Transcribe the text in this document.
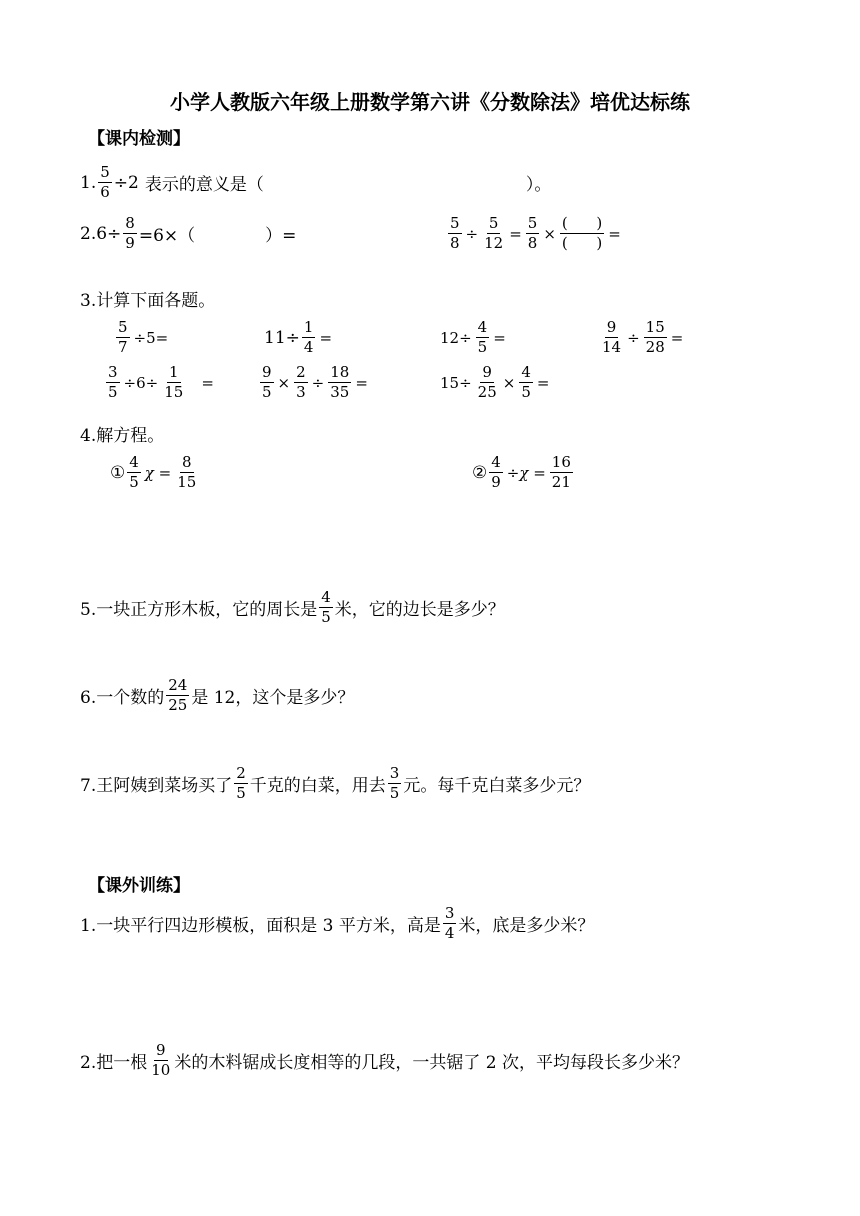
小学人教版六年级上册数学第六讲《分数除法》培优达标练
【课内检测】
1. $\frac{5}{6} \div 2$ 表示的意义是（	）。
2. $6\div \frac{8}{9} =6\times$（	）=	$\frac{5}{8} \div \frac{5}{12} = \frac{5}{8} \times \frac{( )}{( )}$ =
3.计算下面各题。
$\frac{5}{7} \div 5=$	$11\div \frac{1}{4}$ =	$12\div \frac{4}{5}$ =	$\frac{9}{14} \div \frac{15}{28}$ =
$\frac{3}{5} \div 6\div \frac{1}{15}$ =	$\frac{9}{5} \times \frac{2}{3} \div \frac{18}{35}$ =	$15\div \frac{9}{25} \times \frac{4}{5}$ =
4.解方程。
① $\frac{4}{5}$ $\chi = \frac{8}{15}$	② $\frac{4}{9} \div\chi = \frac{16}{21}$
5.一块正方形木板，它的周长是 $\frac{4}{5}$ 米，它的边长是多少？
6.一个数的 $\frac{24}{25}$ 是 12，这个是多少？
7.王阿姨到菜场买了 $\frac{2}{5}$ 千克的白菜，用去 $\frac{3}{5}$ 元。每千克白菜多少元？
【课外训练】
1.一块平行四边形模板，面积是 3 平方米，高是 $\frac{3}{4}$ 米，底是多少米？
2.把一根 $\frac{9}{10}$ 米的木料锯成长度相等的几段，一共锯了 2 次，平均每段长多少米？
